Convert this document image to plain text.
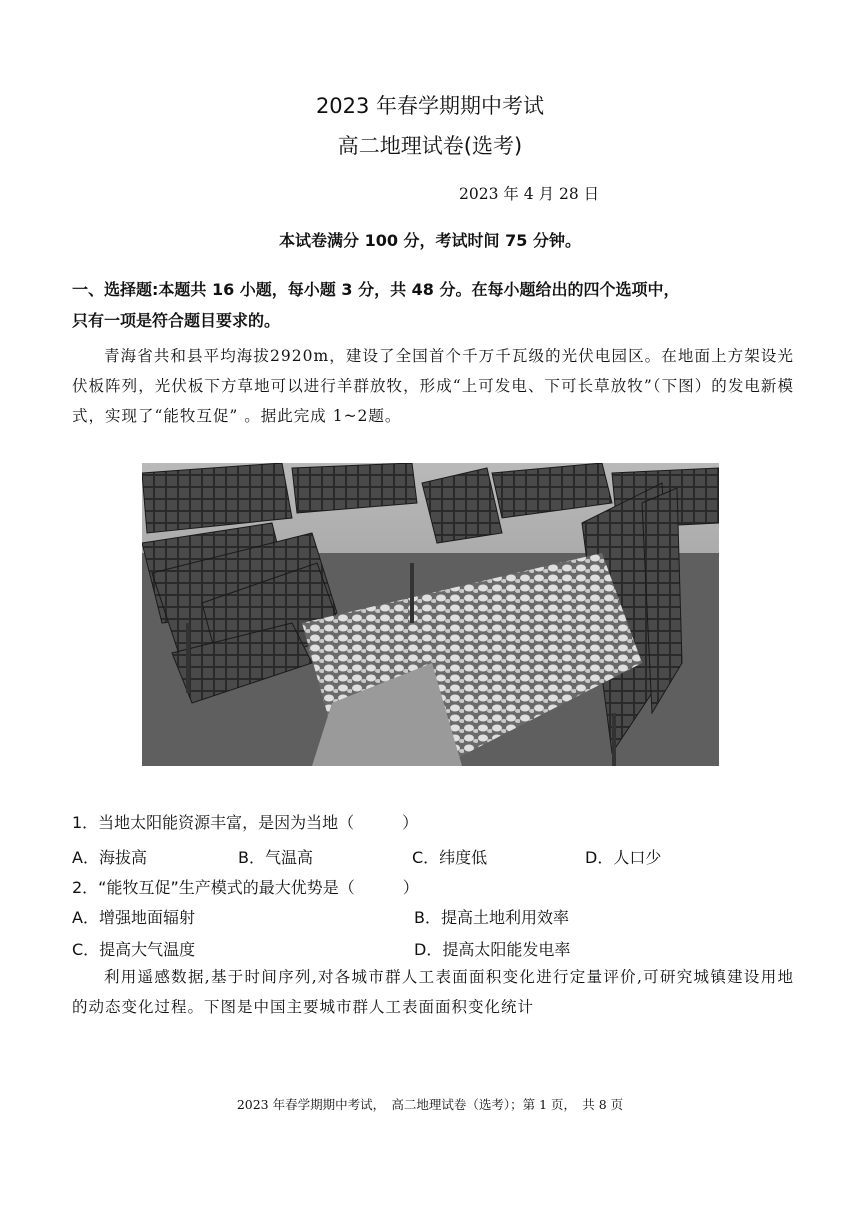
2023 年春学期期中考试
高二地理试卷(选考)
2023 年 4 月 28 日
本试卷满分 100 分，考试时间 75 分钟。
一、选择题:本题共 16 小题，每小题 3 分，共 48 分。在每小题给出的四个选项中，
只有一项是符合题目要求的。
青海省共和县平均海拔2920m，建设了全国首个千万千瓦级的光伏电园区。在地面上方架设光伏板阵列，光伏板下方草地可以进行羊群放牧，形成“上可发电、下可长草放牧”（下图）的发电新模式，实现了“能牧互促” 。据此完成 1~2题。
1．当地太阳能资源丰富，是因为当地（　　　）
A．海拔高	B．气温高	C．纬度低	D．人口少
2．“能牧互促”生产模式的最大优势是（　　　）
A．增强地面辐射	B．提高土地利用效率
C．提高大气温度	D．提高太阳能发电率
利用遥感数据,基于时间序列,对各城市群人工表面面积变化进行定量评价,可研究城镇建设用地的动态变化过程。下图是中国主要城市群人工表面面积变化统计
2023 年春学期期中考试，　高二地理试卷（选考）；第 1 页，　共 8 页
